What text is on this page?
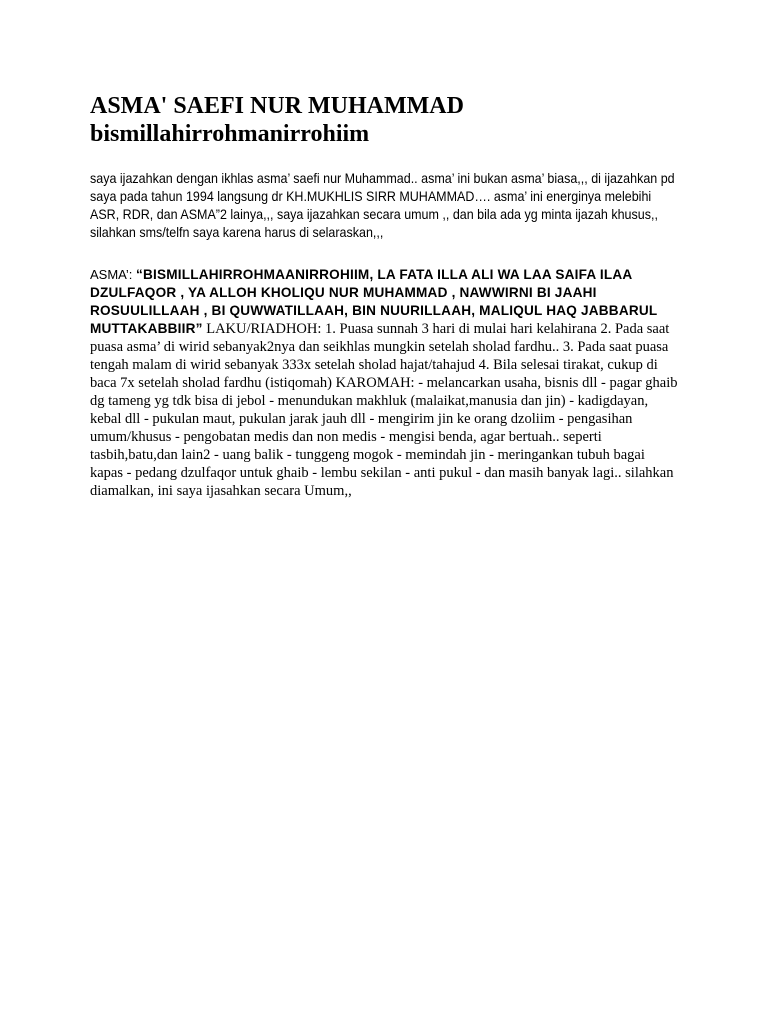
ASMA' SAEFI NUR MUHAMMAD
bismillahirrohmanirrohiim

saya ijazahkan dengan ikhlas asma’ saefi nur Muhammad.. asma’ ini bukan asma’ biasa,,, di ijazahkan pd saya pada tahun 1994 langsung dr KH.MUKHLIS SIRR MUHAMMAD…. asma’ ini energinya melebihi ASR, RDR, dan ASMA”2 lainya,,, saya ijazahkan secara umum ,, dan bila ada yg minta ijazah khusus,, silahkan sms/telfn saya karena harus di selaraskan,,,

ASMA’: “BISMILLAHIRROHMAANIRROHIIM, LA FATA ILLA ALI WA LAA SAIFA ILAA DZULFAQOR , YA ALLOH KHOLIQU NUR MUHAMMAD , NAWWIRNI BI JAAHI ROSUULILLAAH , BI QUWWATILLAAH, BIN NUURILLAAH, MALIQUL HAQ JABBARUL MUTTAKABBIIR” LAKU/RIADHOH: 1. Puasa sunnah 3 hari di mulai hari kelahirana 2. Pada saat puasa asma’ di wirid sebanyak2nya dan seikhlas mungkin setelah sholad fardhu.. 3. Pada saat puasa tengah malam di wirid sebanyak 333x setelah sholad hajat/tahajud 4. Bila selesai tirakat, cukup di baca 7x setelah sholad fardhu (istiqomah) KAROMAH: - melancarkan usaha, bisnis dll - pagar ghaib dg tameng yg tdk bisa di jebol - menundukan makhluk (malaikat,manusia dan jin) - kadigdayan, kebal dll - pukulan maut, pukulan jarak jauh dll - mengirim jin ke orang dzoliim - pengasihan umum/khusus - pengobatan medis dan non medis - mengisi benda, agar bertuah.. seperti tasbih,batu,dan lain2 - uang balik - tunggeng mogok - memindah jin - meringankan tubuh bagai kapas - pedang dzulfaqor untuk ghaib - lembu sekilan - anti pukul - dan masih banyak lagi.. silahkan diamalkan, ini saya ijasahkan secara Umum,,
